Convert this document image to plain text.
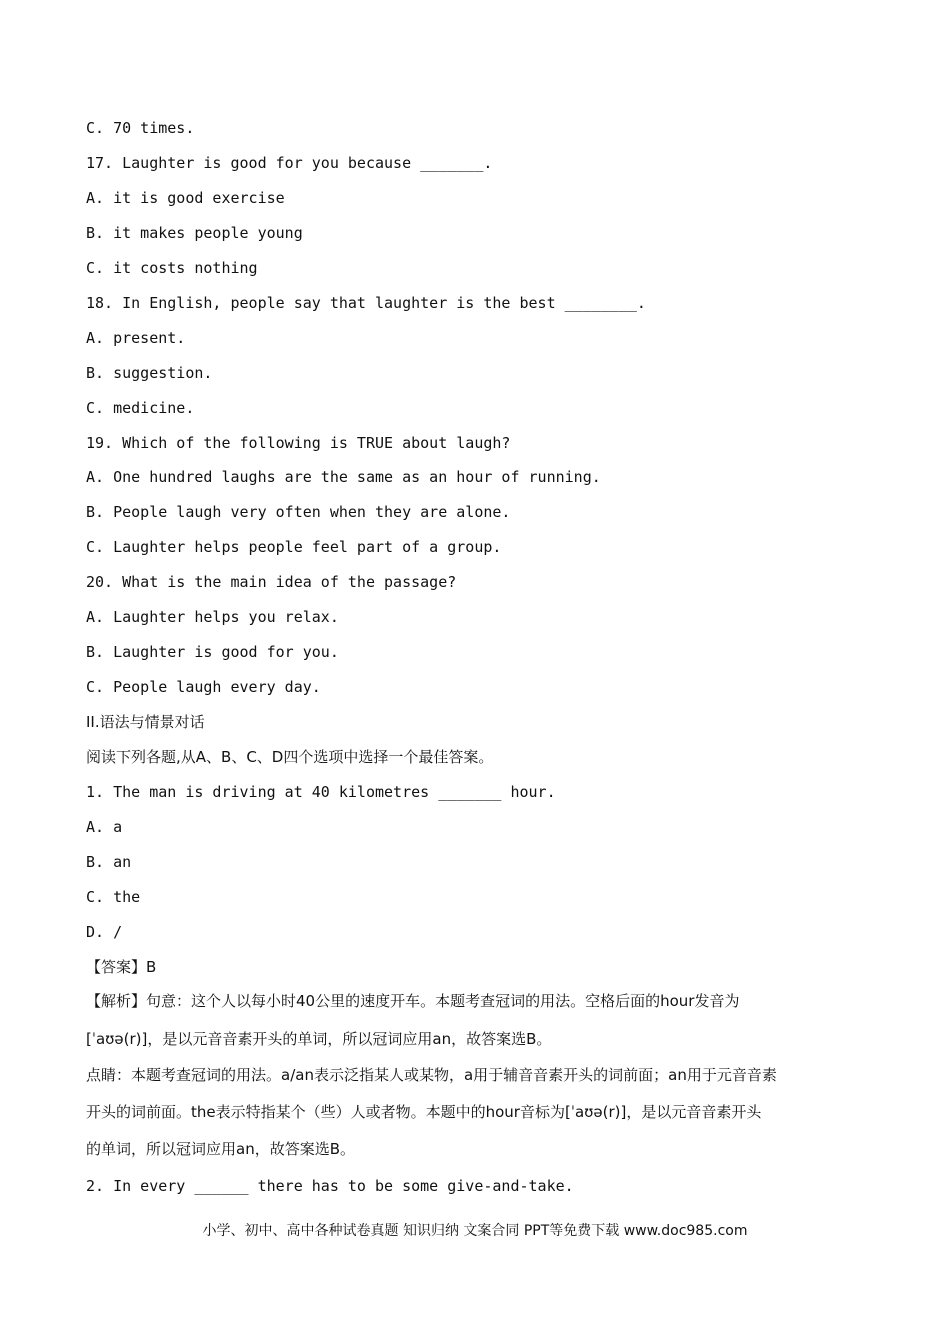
C. 70 times.
17. Laughter is good for you because _______.
A. it is good exercise
B. it makes people young
C. it costs nothing
18. In English, people say that laughter is the best ________.
A. present.
B. suggestion.
C. medicine.
19. Which of the following is TRUE about laugh?
A. One hundred laughs are the same as an hour of running.
B. People laugh very often when they are alone.
C. Laughter helps people feel part of a group.
20. What is the main idea of the passage?
A. Laughter helps you relax.
B. Laughter is good for you.
C. People laugh every day.
II.语法与情景对话
阅读下列各题,从A、B、C、D四个选项中选择一个最佳答案。
1. The man is driving at 40 kilometres _______ hour.
A. a
B. an
C. the
D. /
【答案】B
【解析】句意：这个人以每小时40公里的速度开车。本题考查冠词的用法。空格后面的hour发音为
[ˈaʊə(r)]，是以元音音素开头的单词，所以冠词应用an，故答案选B。
点睛：本题考查冠词的用法。a/an表示泛指某人或某物，a用于辅音音素开头的词前面；an用于元音音素
开头的词前面。the表示特指某个（些）人或者物。本题中的hour音标为[ˈaʊə(r)]，是以元音音素开头
的单词，所以冠词应用an，故答案选B。
2. In every ______ there has to be some give-and-take.
小学、初中、高中各种试卷真题 知识归纳 文案合同 PPT等免费下载 www.doc985.com
